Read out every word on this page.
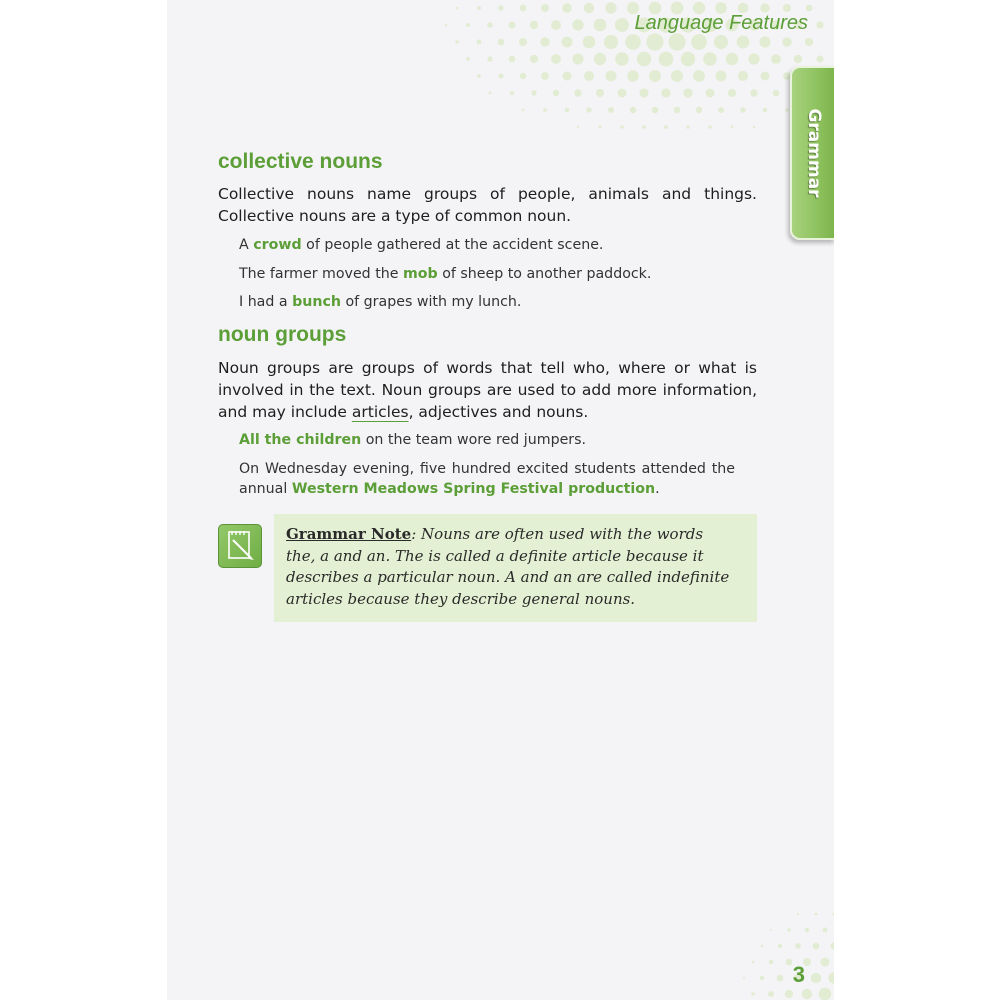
Language Features
Grammar
collective nouns
Collective nouns name groups of people, animals and things. Collective nouns are a type of common noun.
A crowd of people gathered at the accident scene.
The farmer moved the mob of sheep to another paddock.
I had a bunch of grapes with my lunch.
noun groups
Noun groups are groups of words that tell who, where or what is involved in the text. Noun groups are used to add more information, and may include articles, adjectives and nouns.
All the children on the team wore red jumpers.
On Wednesday evening, five hundred excited students attended the annual Western Meadows Spring Festival production.
Grammar Note: Nouns are often used with the words the, a and an. The is called a definite article because it describes a particular noun. A and an are called indefinite articles because they describe general nouns.
3
